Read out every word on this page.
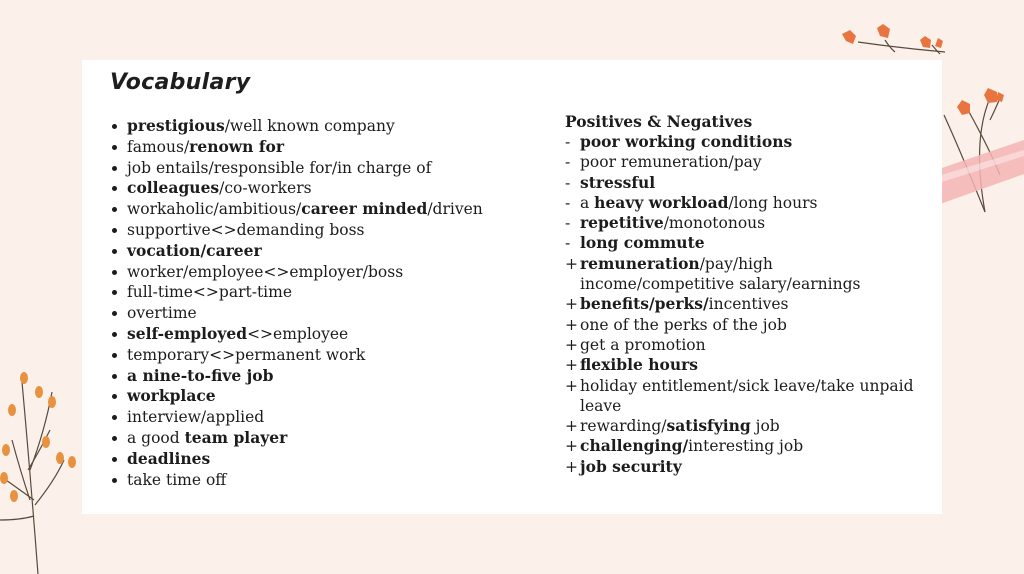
Vocabulary
prestigious/well known company
famous/renown for
job entails/responsible for/in charge of
colleagues/co-workers
workaholic/ambitious/career minded/driven
supportive<>demanding boss
vocation/career
worker/employee<>employer/boss
full-time<>part-time
overtime
self-employed<>employee
temporary<>permanent work
a nine-to-five job
workplace
interview/applied
a good team player
deadlines
take time off
Positives & Negatives
- poor working conditions
- poor remuneration/pay
- stressful
- a heavy workload/long hours
- repetitive/monotonous
- long commute
+ remuneration/pay/high income/competitive salary/earnings
+ benefits/perks/incentives
+ one of the perks of the job
+ get a promotion
+ flexible hours
+ holiday entitlement/sick leave/take unpaid leave
+ rewarding/satisfying job
+ challenging/interesting job
+ job security
